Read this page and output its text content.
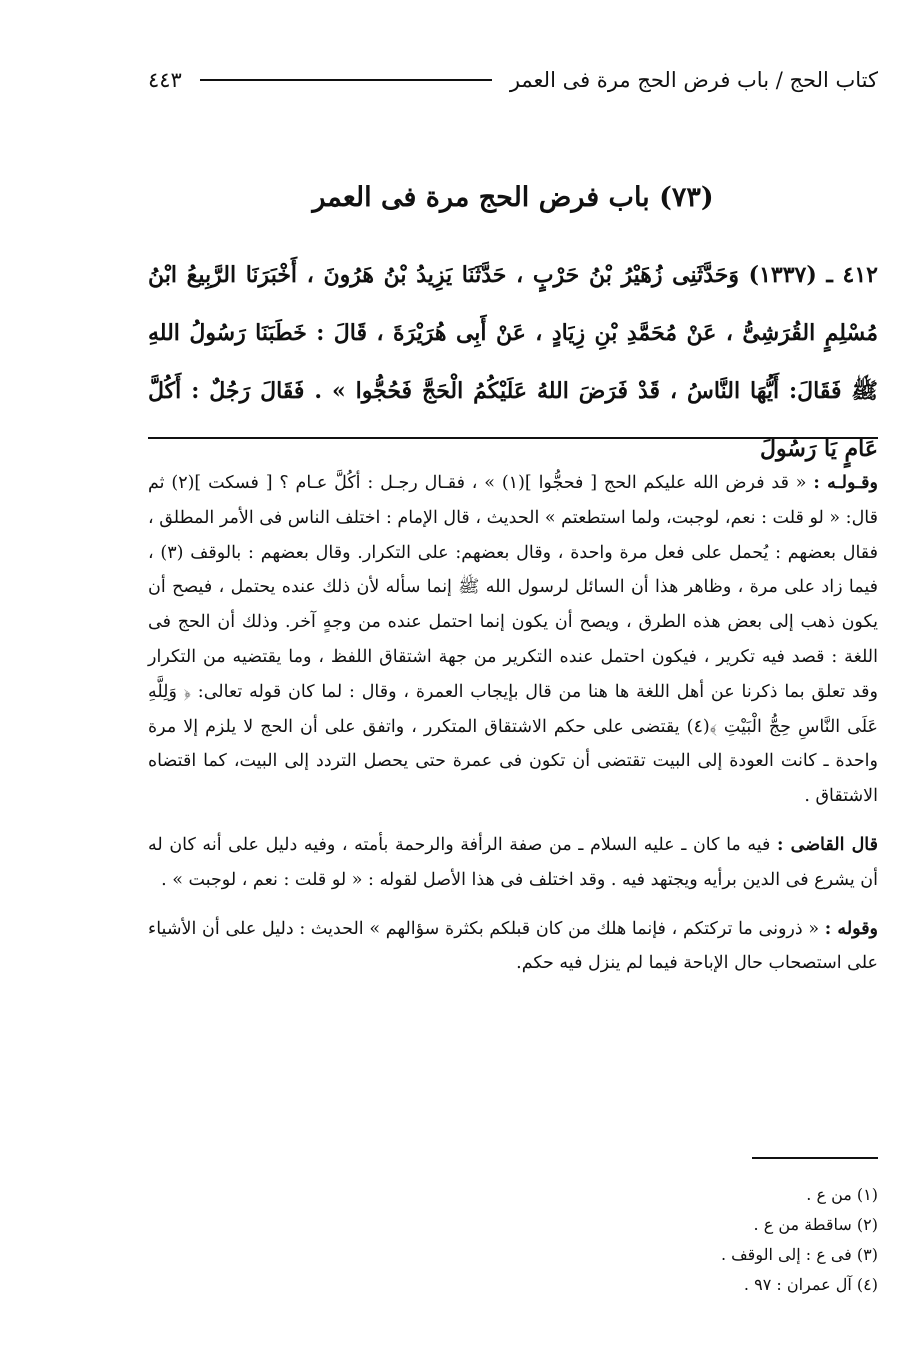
كتاب الحج / باب فرض الحج مرة فى العمر
٤٤٣
(٧٣) باب فرض الحج مرة فى العمر
٤١٢ ـ (١٣٣٧) وَحَدَّثَنِى زُهَيْرُ بْنُ حَرْبٍ ، حَدَّثَنَا يَزِيدُ بْنُ هَرُونَ ، أَخْبَرَنَا الرَّبِيعُ ابْنُ مُسْلِمٍ القُرَشِىُّ ، عَنْ مُحَمَّدِ بْنِ زِيَادٍ ، عَنْ أَبِى هُرَيْرَةَ ، قَالَ : خَطَبَنَا رَسُولُ اللهِ ﷺ فَقَالَ: أَيُّهَا النَّاسُ ، قَدْ فَرَضَ اللهُ عَلَيْكُمُ الْحَجَّ فَحُجُّوا » . فَقَالَ رَجُلٌ : أَكُلَّ عَامٍ يَا رَسُولَ

وقـولـه : « قد فرض الله عليكم الحج [ فحجُّوا ](١) » ، فقـال رجـل : أكُلَّ عـام ؟ [ فسكت ](٢) ثم قال: « لو قلت : نعم، لوجبت، ولما استطعتم » الحديث ، قال الإمام : اختلف الناس فى الأمر المطلق ، فقال بعضهم : يُحمل على فعل مرة واحدة ، وقال بعضهم: على التكرار. وقال بعضهم : بالوقف (٣) ، فيما زاد على مرة ، وظاهر هذا أن السائل لرسول الله ﷺ إنما سأله لأن ذلك عنده يحتمل ، فيصح أن يكون ذهب إلى بعض هذه الطرق ، ويصح أن يكون إنما احتمل عنده من وجهٍ آخر. وذلك أن الحج فى اللغة : قصد فيه تكرير ، فيكون احتمل عنده التكرير من جهة اشتقاق اللفظ ، وما يقتضيه من التكرار وقد تعلق بما ذكرنا عن أهل اللغة ها هنا من قال بإيجاب العمرة ، وقال : لما كان قوله تعالى: ﴿ وَلِلَّهِ عَلَى النَّاسِ حِجُّ الْبَيْتِ ﴾(٤) يقتضى على حكم الاشتقاق المتكرر ، واتفق على أن الحج لا يلزم إلا مرة واحدة ـ كانت العودة إلى البيت تقتضى أن تكون فى عمرة حتى يحصل التردد إلى البيت، كما اقتضاه الاشتقاق .

قال القاضى : فيه ما كان ـ عليه السلام ـ من صفة الرأفة والرحمة بأمته ، وفيه دليل على أنه كان له أن يشرع فى الدين برأيه ويجتهد فيه . وقد اختلف فى هذا الأصل لقوله : « لو قلت : نعم ، لوجبت » .

وقوله : « ذرونى ما تركتكم ، فإنما هلك من كان قبلكم بكثرة سؤالهم » الحديث : دليل على أن الأشياء على استصحاب حال الإباحة فيما لم ينزل فيه حكم.

(١) من ع .
(٢) ساقطة من ع .
(٣) فى ع : إلى الوقف .
(٤) آل عمران : ٩٧ .
